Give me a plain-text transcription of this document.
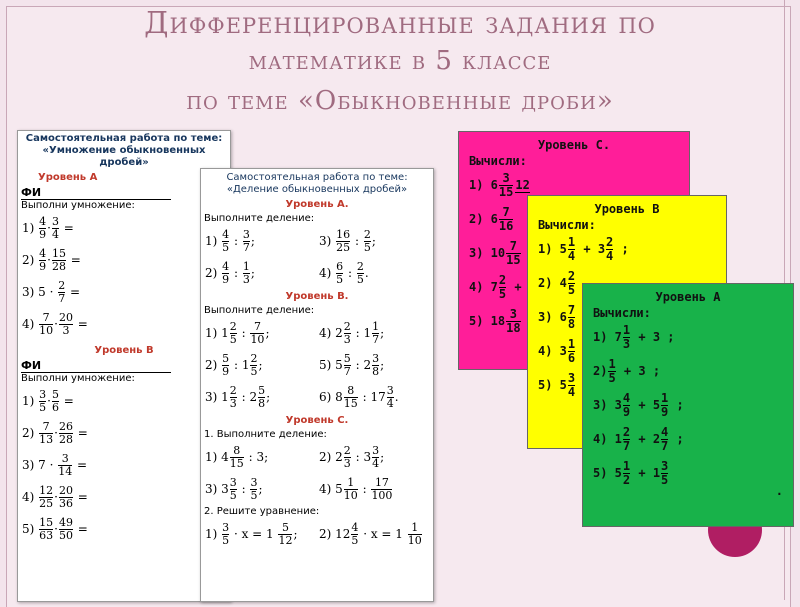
Дифференцированные задания по
математике в 5 классе
по теме «Обыкновенные дроби»
Самостоятельная работа по теме:
«Умножение обыкновенных дробей»
Уровень А
ФИ
Выполни умножение:
$1) \frac{4}{9} \cdot \frac{3}{4}$ =
$2) \frac{4}{9} \cdot \frac{15}{28}$ =
3) $5 \cdot \frac{2}{7}$ =
$4) \frac{7}{10} \cdot \frac{20}{3}$ =
Уровень В
ФИ
Выполни умножение:
$1) \frac{3}{5} \cdot \frac{5}{6}$ =
$2) \frac{7}{13} \cdot \frac{26}{28}$ =
3) $7 \cdot \frac{3}{14}$ =
$4) \frac{12}{25} \cdot \frac{20}{36}$ =
$5) \frac{15}{63} \cdot \frac{49}{50}$ =
Самостоятельная работа по теме:
«Деление обыкновенных дробей»
Уровень А.
Выполните деление:
$1) \frac{4}{5}$ : $\frac{3}{7}$ ;	$3) \frac{16}{25}$ : $\frac{2}{5}$ ;
$2) \frac{4}{9}$ : $\frac{1}{3}$ ;	$4) \frac{6}{5}$ : $\frac{2}{5}$ .
Уровень В.
Выполните деление:
1) $1 \frac{2}{5}$ : $\frac{7}{10}$ ;	4) $2 \frac{2}{3}$ : $1 \frac{1}{7}$ ;
$2) \frac{5}{9}$ : $1 \frac{2}{5}$ ;	5) $5 \frac{5}{7}$ : $2 \frac{3}{8}$ ;
3) $1 \frac{2}{3}$ : $2 \frac{5}{8}$ ;	6) $8 \frac{8}{15}$ : $17 \frac{3}{4}$ .
Уровень С.
1. Выполните деление:
1) $4 \frac{8}{15}$ : 3;	2) $2 \frac{2}{3}$ : $3 \frac{3}{4}$ ;
3) $3 \frac{3}{5}$ : $\frac{3}{5}$ ;	4) $5 \frac{1}{10}$ : $\frac{17}{100}$
2. Решите уравнение:
$1) \frac{3}{5} \cdot x = 1 \frac{5}{12}$ ;	2) $12 \frac{4}{5} \cdot x = 1 \frac{1}{10}$
Уровень С.
Вычисли:
1) $6 \frac{3}{15} 12$
2) $6 \frac{7}{16}$
3) $10 \frac{7}{15}$
4) $7 \frac{2}{5}$ +
5) $18 \frac{3}{18}$
Уровень В
Вычисли:
1) $5 \frac{1}{4} + 3 \frac{2}{4}$ ;
2) $4 \frac{2}{5}$
3) $6 \frac{7}{8}$
4) $3 \frac{1}{6}$
5) $5 \frac{3}{4}$
Уровень А
Вычисли:
1) $7 \frac{1}{3} + 3$ ;
$2) \frac{1}{5} + 3$ ;
3) $3 \frac{4}{9} + 5 \frac{1}{9}$ ;
4) $1 \frac{2}{7} + 2 \frac{4}{7}$ ;
5) $5 \frac{1}{2} + 1 \frac{3}{5}$
.
